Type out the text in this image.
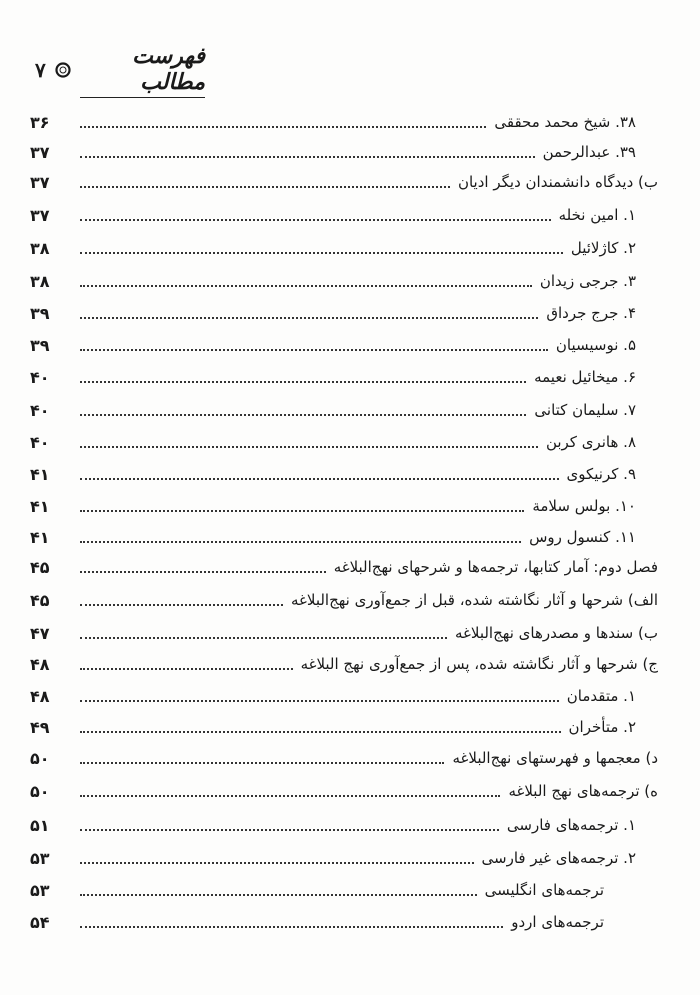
۷
فهرست مطالب
۳۶	۳۸. شیخ محمد محققی
۳۷	۳۹. عبدالرحمن
۳۷	ب) دیدگاه دانشمندان دیگر ادیان
۳۷	۱. امین نخله
۳۸	۲. کاژلائیل
۳۸	۳. جرجی زیدان
۳۹	۴. جرج جرداق
۳۹	۵. نوسیسیان
۴۰	۶. میخائیل نعیمه
۴۰	۷. سلیمان کتانی
۴۰	۸. هانری کربن
۴۱	۹. کرنیکوی
۴۱	۱۰. بولس سلامة
۴۱	۱۱. کنسول روس
۴۵	فصل دوم: آمار کتابها، ترجمه‌ها و شرحهای نهج‌البلاغه
۴۵	الف) شرحها و آثار نگاشته شده، قبل از جمع‌آوری نهج‌البلاغه
۴۷	ب) سندها و مصدرهای نهج‌البلاغه
۴۸	ج) شرحها و آثار نگاشته شده، پس از جمع‌آوری نهج البلاغه
۴۸	۱. متقدمان
۴۹	۲. متأخران
۵۰	د) معجمها و فهرستهای نهج‌البلاغه
۵۰	ه) ترجمه‌های نهج البلاغه
۵۱	۱. ترجمه‌های فارسی
۵۳	۲. ترجمه‌های غیر فارسی
۵۳	ترجمه‌های انگلیسی
۵۴	ترجمه‌های اردو
